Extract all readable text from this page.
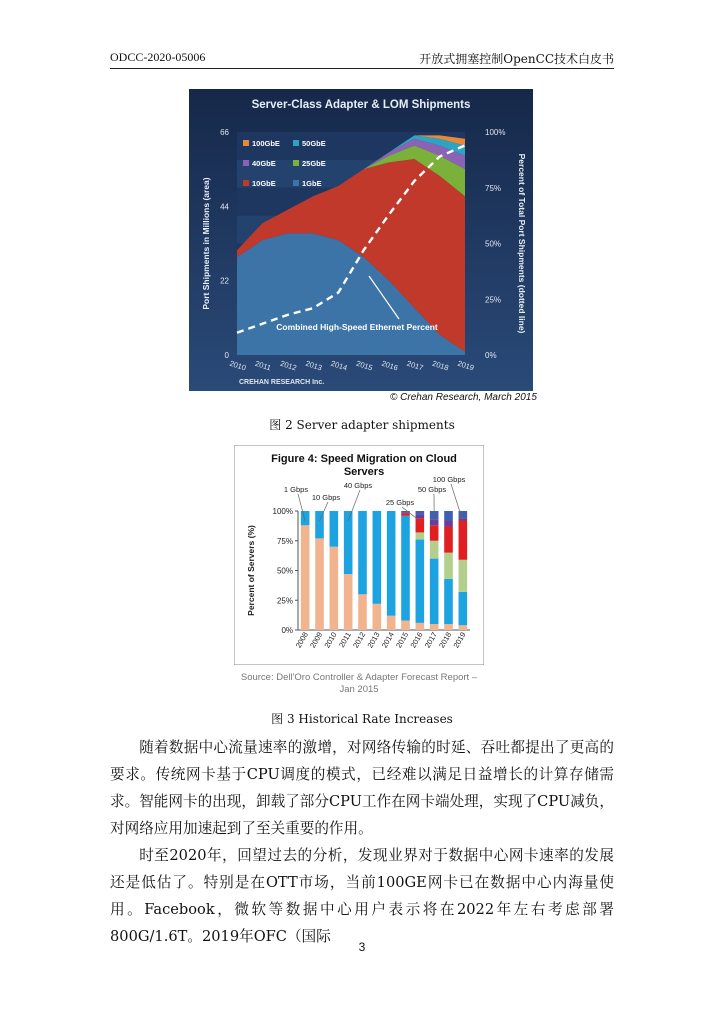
ODCC-2020-05006	开放式拥塞控制OpenCC技术白皮书
Server-Class Adapter & LOM Shipments
Combined High-Speed Ethernet Percent
0
22
44
66
0%
25%
50%
75%
100%
Port Shipments in Millions (area)	Percent of Total Port Shipments (dotted line)
2010 2011 2012 2013 2014 2015 2016 2017 2018 2019
CREHAN RESEARCH Inc.
100GbE	50GbE
40GbE	25GbE
10GbE	1GbE
© Crehan Research, March 2015
图 2 Server adapter shipments
Figure 4: Speed Migration on Cloud
Servers
0%
25%
50%
75%
100%
Percent of Servers (%)
2008
2009
2010
2011
2012
2013
2014
2015
2016
2017
2018
2019
1 Gbps
10 Gbps
40 Gbps
25 Gbps
50 Gbps
100 Gbps
Source: Dell'Oro Controller & Adapter Forecast Report – Jan 2015
图 3 Historical Rate Increases

随着数据中心流量速率的激增，对网络传输的时延、吞吐都提出了更高的要求。传统网卡基于CPU调度的模式，已经难以满足日益增长的计算存储需求。智能网卡的出现，卸载了部分CPU工作在网卡端处理，实现了CPU减负，对网络应用加速起到了至关重要的作用。

时至2020年，回望过去的分析，发现业界对于数据中心网卡速率的发展还是低估了。特别是在OTT市场，当前100GE网卡已在数据中心内海量使用。Facebook，微软等数据中心用户表示将在2022年左右考虑部署800G/1.6T。2019年OFC（国际

3
